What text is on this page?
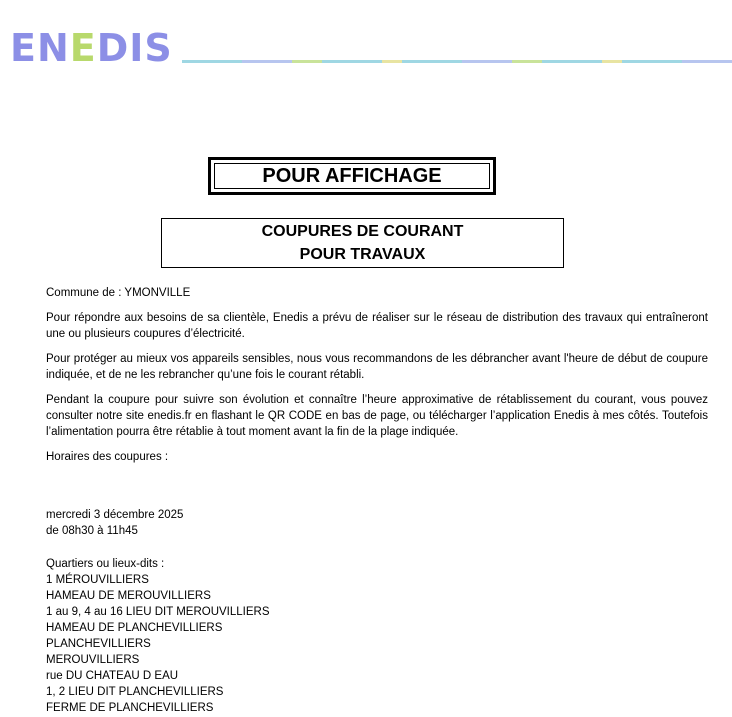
ENEDIS
POUR AFFICHAGE
COUPURES DE COURANT
POUR TRAVAUX

Commune de : YMONVILLE

Pour répondre aux besoins de sa clientèle, Enedis a prévu de réaliser sur le réseau de distribution des travaux qui entraîneront une ou plusieurs coupures d’électricité.

Pour protéger au mieux vos appareils sensibles, nous vous recommandons de les débrancher avant l'heure de début de coupure indiquée, et de ne les rebrancher qu’une fois le courant rétabli.

Pendant la coupure pour suivre son évolution et connaître l’heure approximative de rétablissement du courant, vous pouvez consulter notre site enedis.fr en flashant le QR CODE en bas de page, ou télécharger l’application Enedis à mes côtés. Toutefois l’alimentation pourra être rétablie à tout moment avant la fin de la plage indiquée.

Horaires des coupures :

mercredi 3 décembre 2025
de 08h30 à 11h45
Quartiers ou lieux-dits :
1 MÉROUVILLIERS
HAMEAU DE MEROUVILLIERS
1 au 9, 4 au 16 LIEU DIT MEROUVILLIERS
HAMEAU DE PLANCHEVILLIERS
PLANCHEVILLIERS
MEROUVILLIERS
rue DU CHATEAU D EAU
1, 2 LIEU DIT PLANCHEVILLIERS
FERME DE PLANCHEVILLIERS
